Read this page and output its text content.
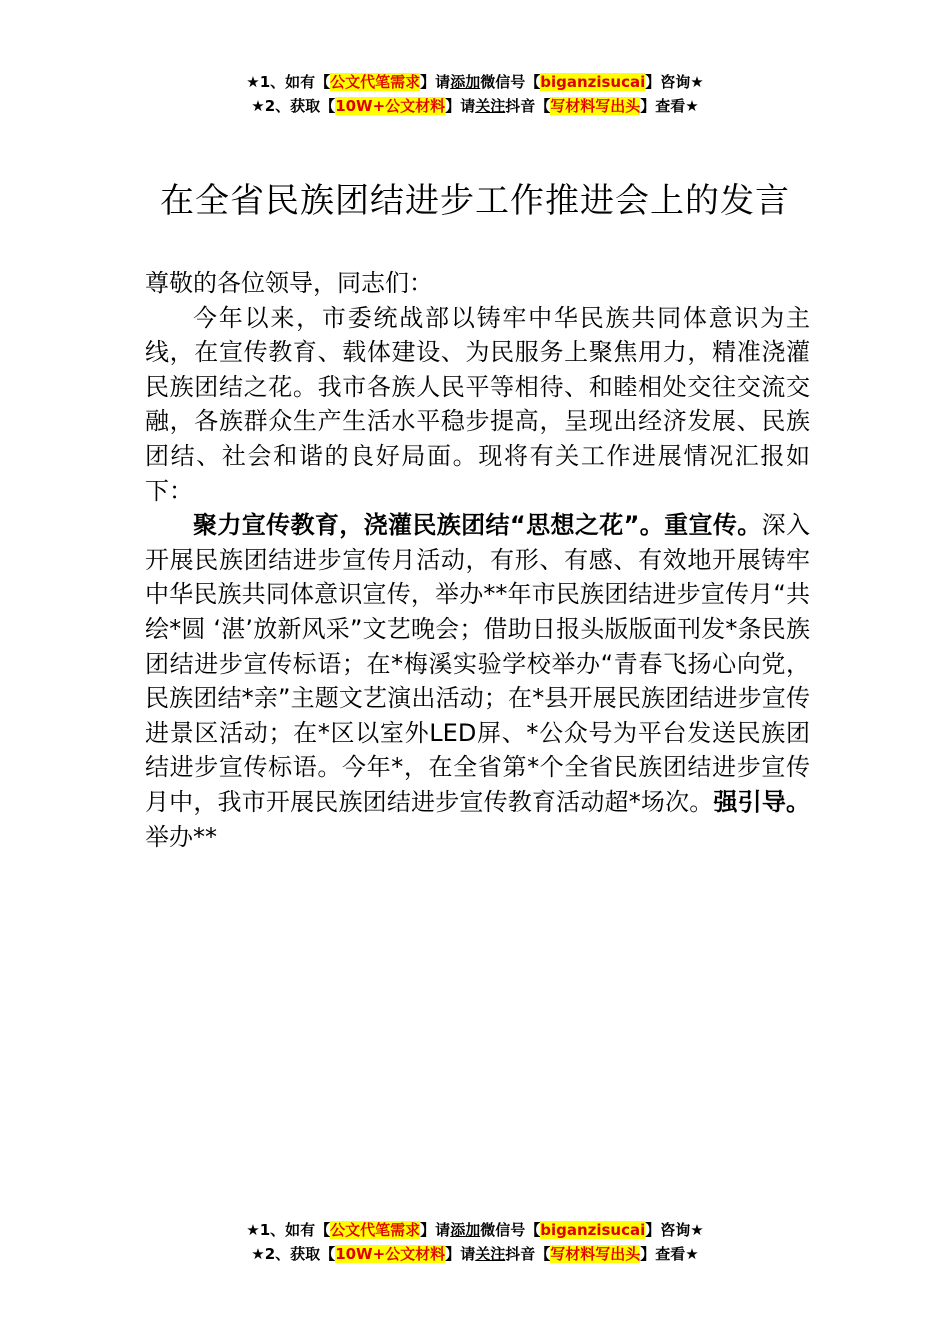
★1、如有【公文代笔需求】请添加微信号【biganzisucai】咨询★
★2、获取【10W+公文材料】请关注抖音【写材料写出头】查看★
在全省民族团结进步工作推进会上的发言

尊敬的各位领导，同志们：

今年以来，市委统战部以铸牢中华民族共同体意识为主线，在宣传教育、载体建设、为民服务上聚焦用力，精准浇灌民族团结之花。我市各族人民平等相待、和睦相处交往交流交融，各族群众生产生活水平稳步提高，呈现出经济发展、民族团结、社会和谐的良好局面。现将有关工作进展情况汇报如下：

聚力宣传教育，浇灌民族团结“思想之花”。重宣传。深入开展民族团结进步宣传月活动，有形、有感、有效地开展铸牢中华民族共同体意识宣传，举办**年市民族团结进步宣传月“共绘*圆 ‘湛’放新风采”文艺晚会；借助日报头版版面刊发*条民族团结进步宣传标语；在*梅溪实验学校举办“青春飞扬心向党，民族团结*亲”主题文艺演出活动；在*县开展民族团结进步宣传进景区活动；在*区以室外LED屏、*公众号为平台发送民族团结进步宣传标语。今年*，在全省第*个全省民族团结进步宣传月中，我市开展民族团结进步宣传教育活动超*场次。强引导。举办**

★1、如有【公文代笔需求】请添加微信号【biganzisucai】咨询★
★2、获取【10W+公文材料】请关注抖音【写材料写出头】查看★
